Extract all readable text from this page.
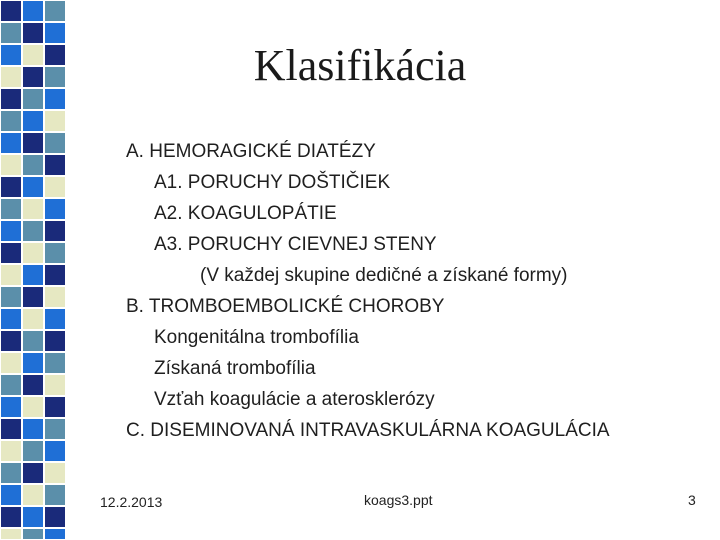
Klasifikácia
A. HEMORAGICKÉ DIATÉZY
A1. PORUCHY DOŠTIČIEK
A2. KOAGULOPÁTIE
A3. PORUCHY CIEVNEJ STENY
(V každej skupine dedičné a získané formy)
B. TROMBOEMBOLICKÉ CHOROBY
Kongenitálna trombofília
Získaná trombofília
Vzťah koagulácie a aterosklerózy
C. DISEMINOVANÁ INTRAVASKULÁRNA KOAGULÁCIA
12.2.2013	koags3.ppt	3
